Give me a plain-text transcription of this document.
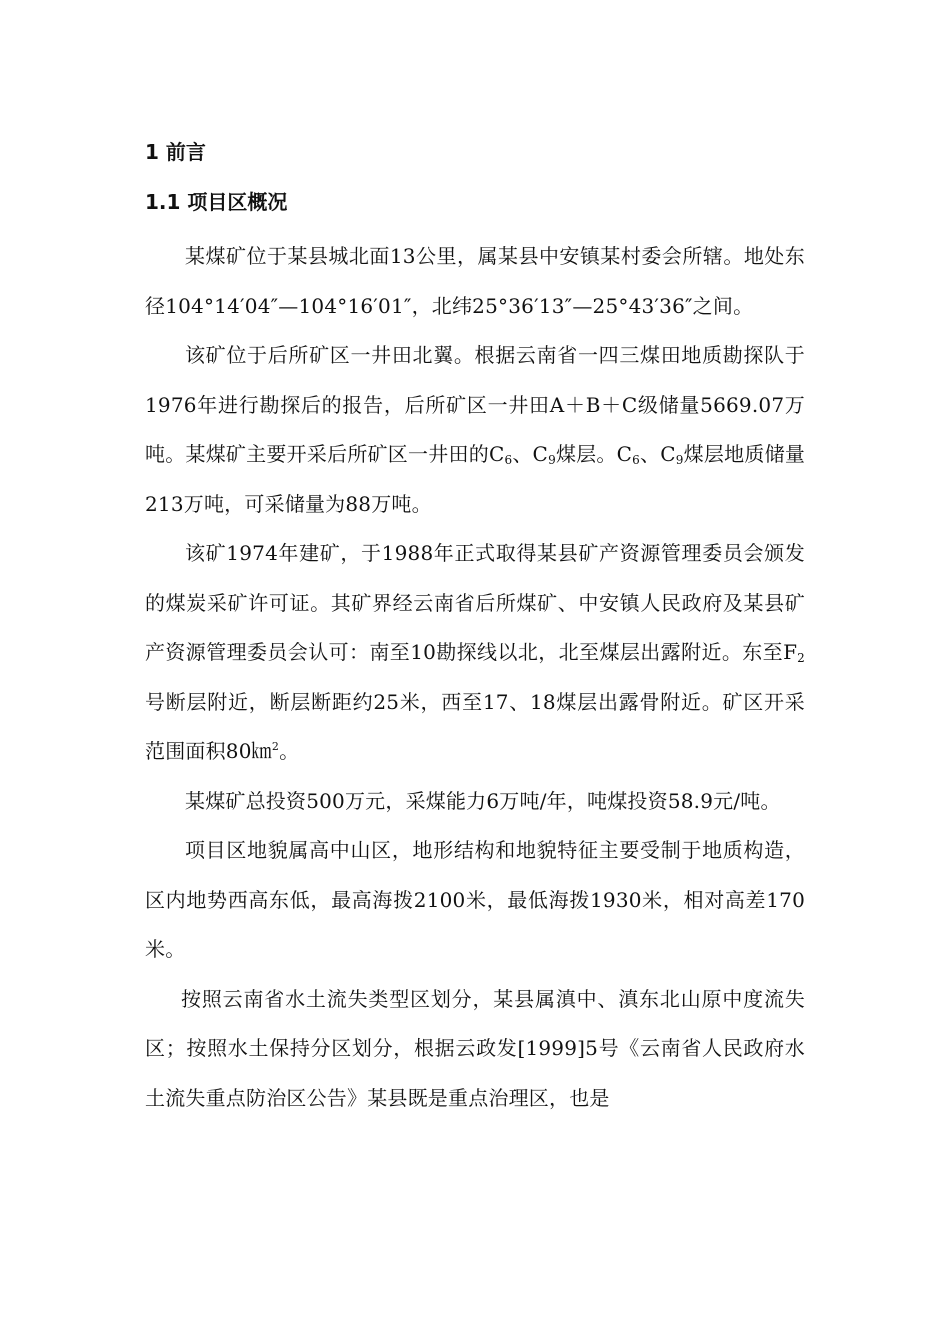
1 前言
1.1 项目区概况

某煤矿位于某县城北面13公里，属某县中安镇某村委会所辖。地处东径104°14′04″—104°16′01″，北纬25°36′13″—25°43′36″之间。

该矿位于后所矿区一井田北翼。根据云南省一四三煤田地质勘探队于1976年进行勘探后的报告，后所矿区一井田A＋B＋C级储量5669.07万吨。某煤矿主要开采后所矿区一井田的$C_6$、$C_9$煤层。$C_6$、$C_9$煤层地质储量213万吨，可采储量为88万吨。

该矿1974年建矿，于1988年正式取得某县矿产资源管理委员会颁发的煤炭采矿许可证。其矿界经云南省后所煤矿、中安镇人民政府及某县矿产资源管理委员会认可：南至10勘探线以北，北至煤层出露附近。东至$F_2$号断层附近，断层断距约25米，西至17、18煤层出露骨附近。矿区开采范围面积80㎞$^2$。

某煤矿总投资500万元，采煤能力6万吨/年，吨煤投资58.9元/吨。

项目区地貌属高中山区，地形结构和地貌特征主要受制于地质构造，区内地势西高东低，最高海拨2100米，最低海拨1930米，相对高差170米。

按照云南省水土流失类型区划分，某县属滇中、滇东北山原中度流失区；按照水土保持分区划分，根据云政发[1999]5号《云南省人民政府水土流失重点防治区公告》某县既是重点治理区，也是
